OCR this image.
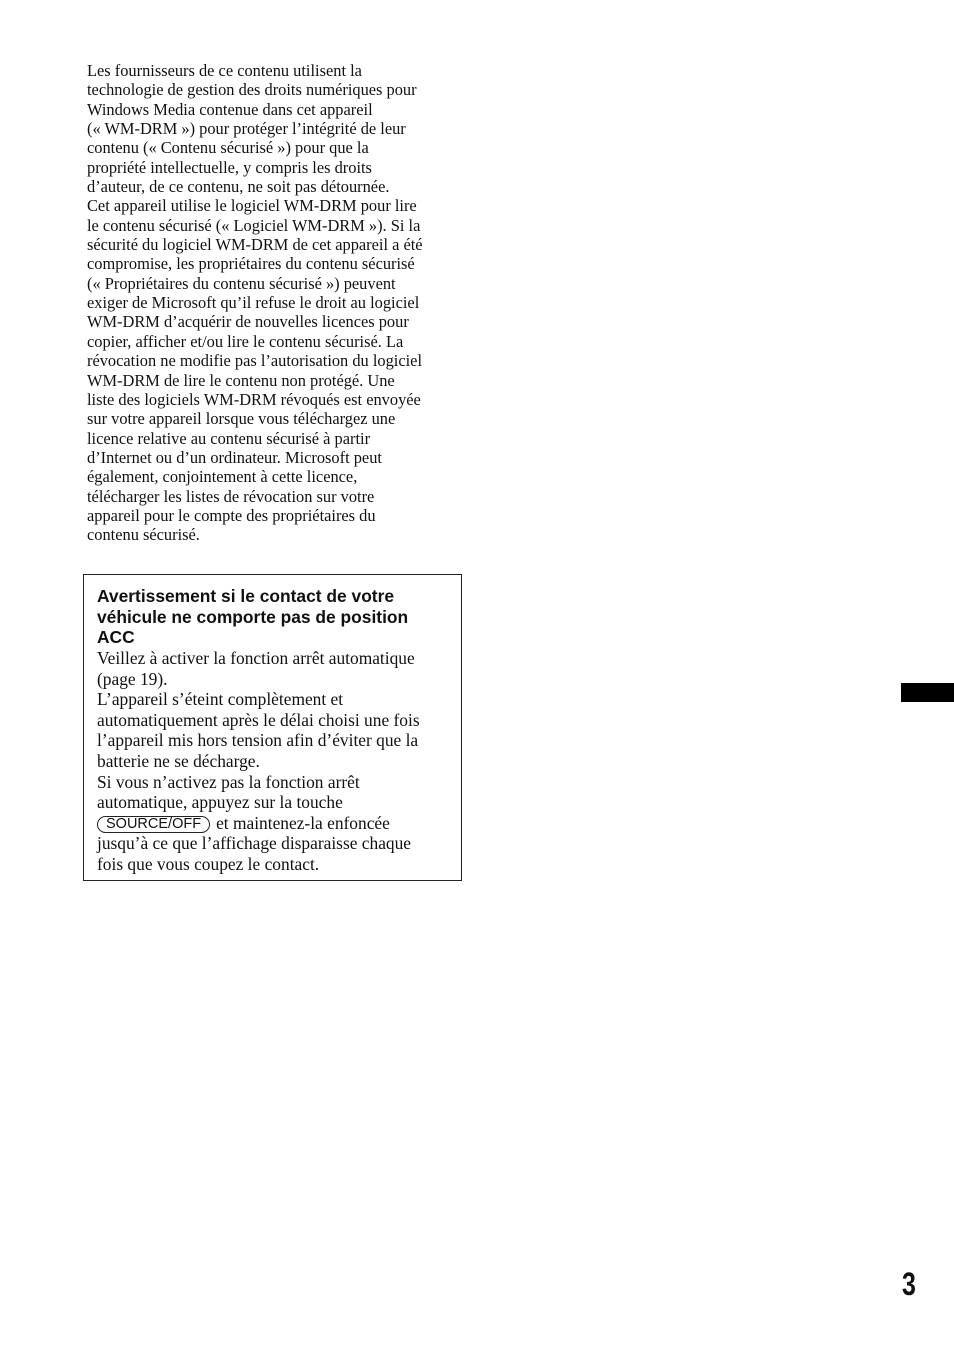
Les fournisseurs de ce contenu utilisent la
technologie de gestion des droits numériques pour
Windows Media contenue dans cet appareil
(« WM-DRM ») pour protéger l’intégrité de leur
contenu (« Contenu sécurisé ») pour que la
propriété intellectuelle, y compris les droits
d’auteur, de ce contenu, ne soit pas détournée.
Cet appareil utilise le logiciel WM-DRM pour lire
le contenu sécurisé (« Logiciel WM-DRM »). Si la
sécurité du logiciel WM-DRM de cet appareil a été
compromise, les propriétaires du contenu sécurisé
(« Propriétaires du contenu sécurisé ») peuvent
exiger de Microsoft qu’il refuse le droit au logiciel
WM-DRM d’acquérir de nouvelles licences pour
copier, afficher et/ou lire le contenu sécurisé. La
révocation ne modifie pas l’autorisation du logiciel
WM-DRM de lire le contenu non protégé. Une
liste des logiciels WM-DRM révoqués est envoyée
sur votre appareil lorsque vous téléchargez une
licence relative au contenu sécurisé à partir
d’Internet ou d’un ordinateur. Microsoft peut
également, conjointement à cette licence,
télécharger les listes de révocation sur votre
appareil pour le compte des propriétaires du
contenu sécurisé.
Avertissement si le contact de votre
véhicule ne comporte pas de position
ACC
Veillez à activer la fonction arrêt automatique
(page 19).
L’appareil s’éteint complètement et
automatiquement après le délai choisi une fois
l’appareil mis hors tension afin d’éviter que la
batterie ne se décharge.
Si vous n’activez pas la fonction arrêt
automatique, appuyez sur la touche
SOURCE/OFF et maintenez-la enfoncée
jusqu’à ce que l’affichage disparaisse chaque
fois que vous coupez le contact.
3
